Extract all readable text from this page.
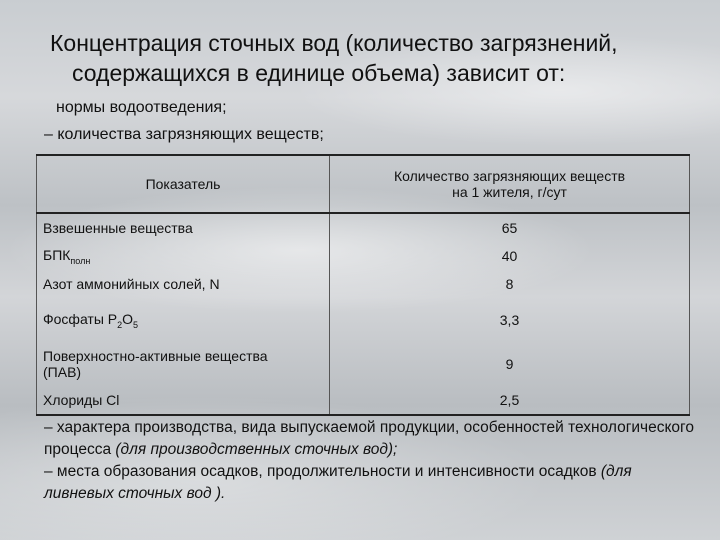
Концентрация сточных вод (количество загрязнений,
содержащихся в единице объема) зависит от:
нормы водоотведения;
– количества загрязняющих веществ;
Показатель	Количество загрязняющих веществ
на 1 жителя, г/сут
Взвешенные вещества	65
$БПК_{полн}$	40
Азот аммонийных солей, N	8
Фосфаты $Р_2О_5$	3,3
Поверхностно-активные вещества
(ПАВ)	9
Хлориды Cl	2,5
– характера производства, вида выпускаемой продукции, особенностей технологического процесса (для производственных сточных вод);
– места образования осадков, продолжительности и интенсивности осадков (для ливневых сточных вод ).
